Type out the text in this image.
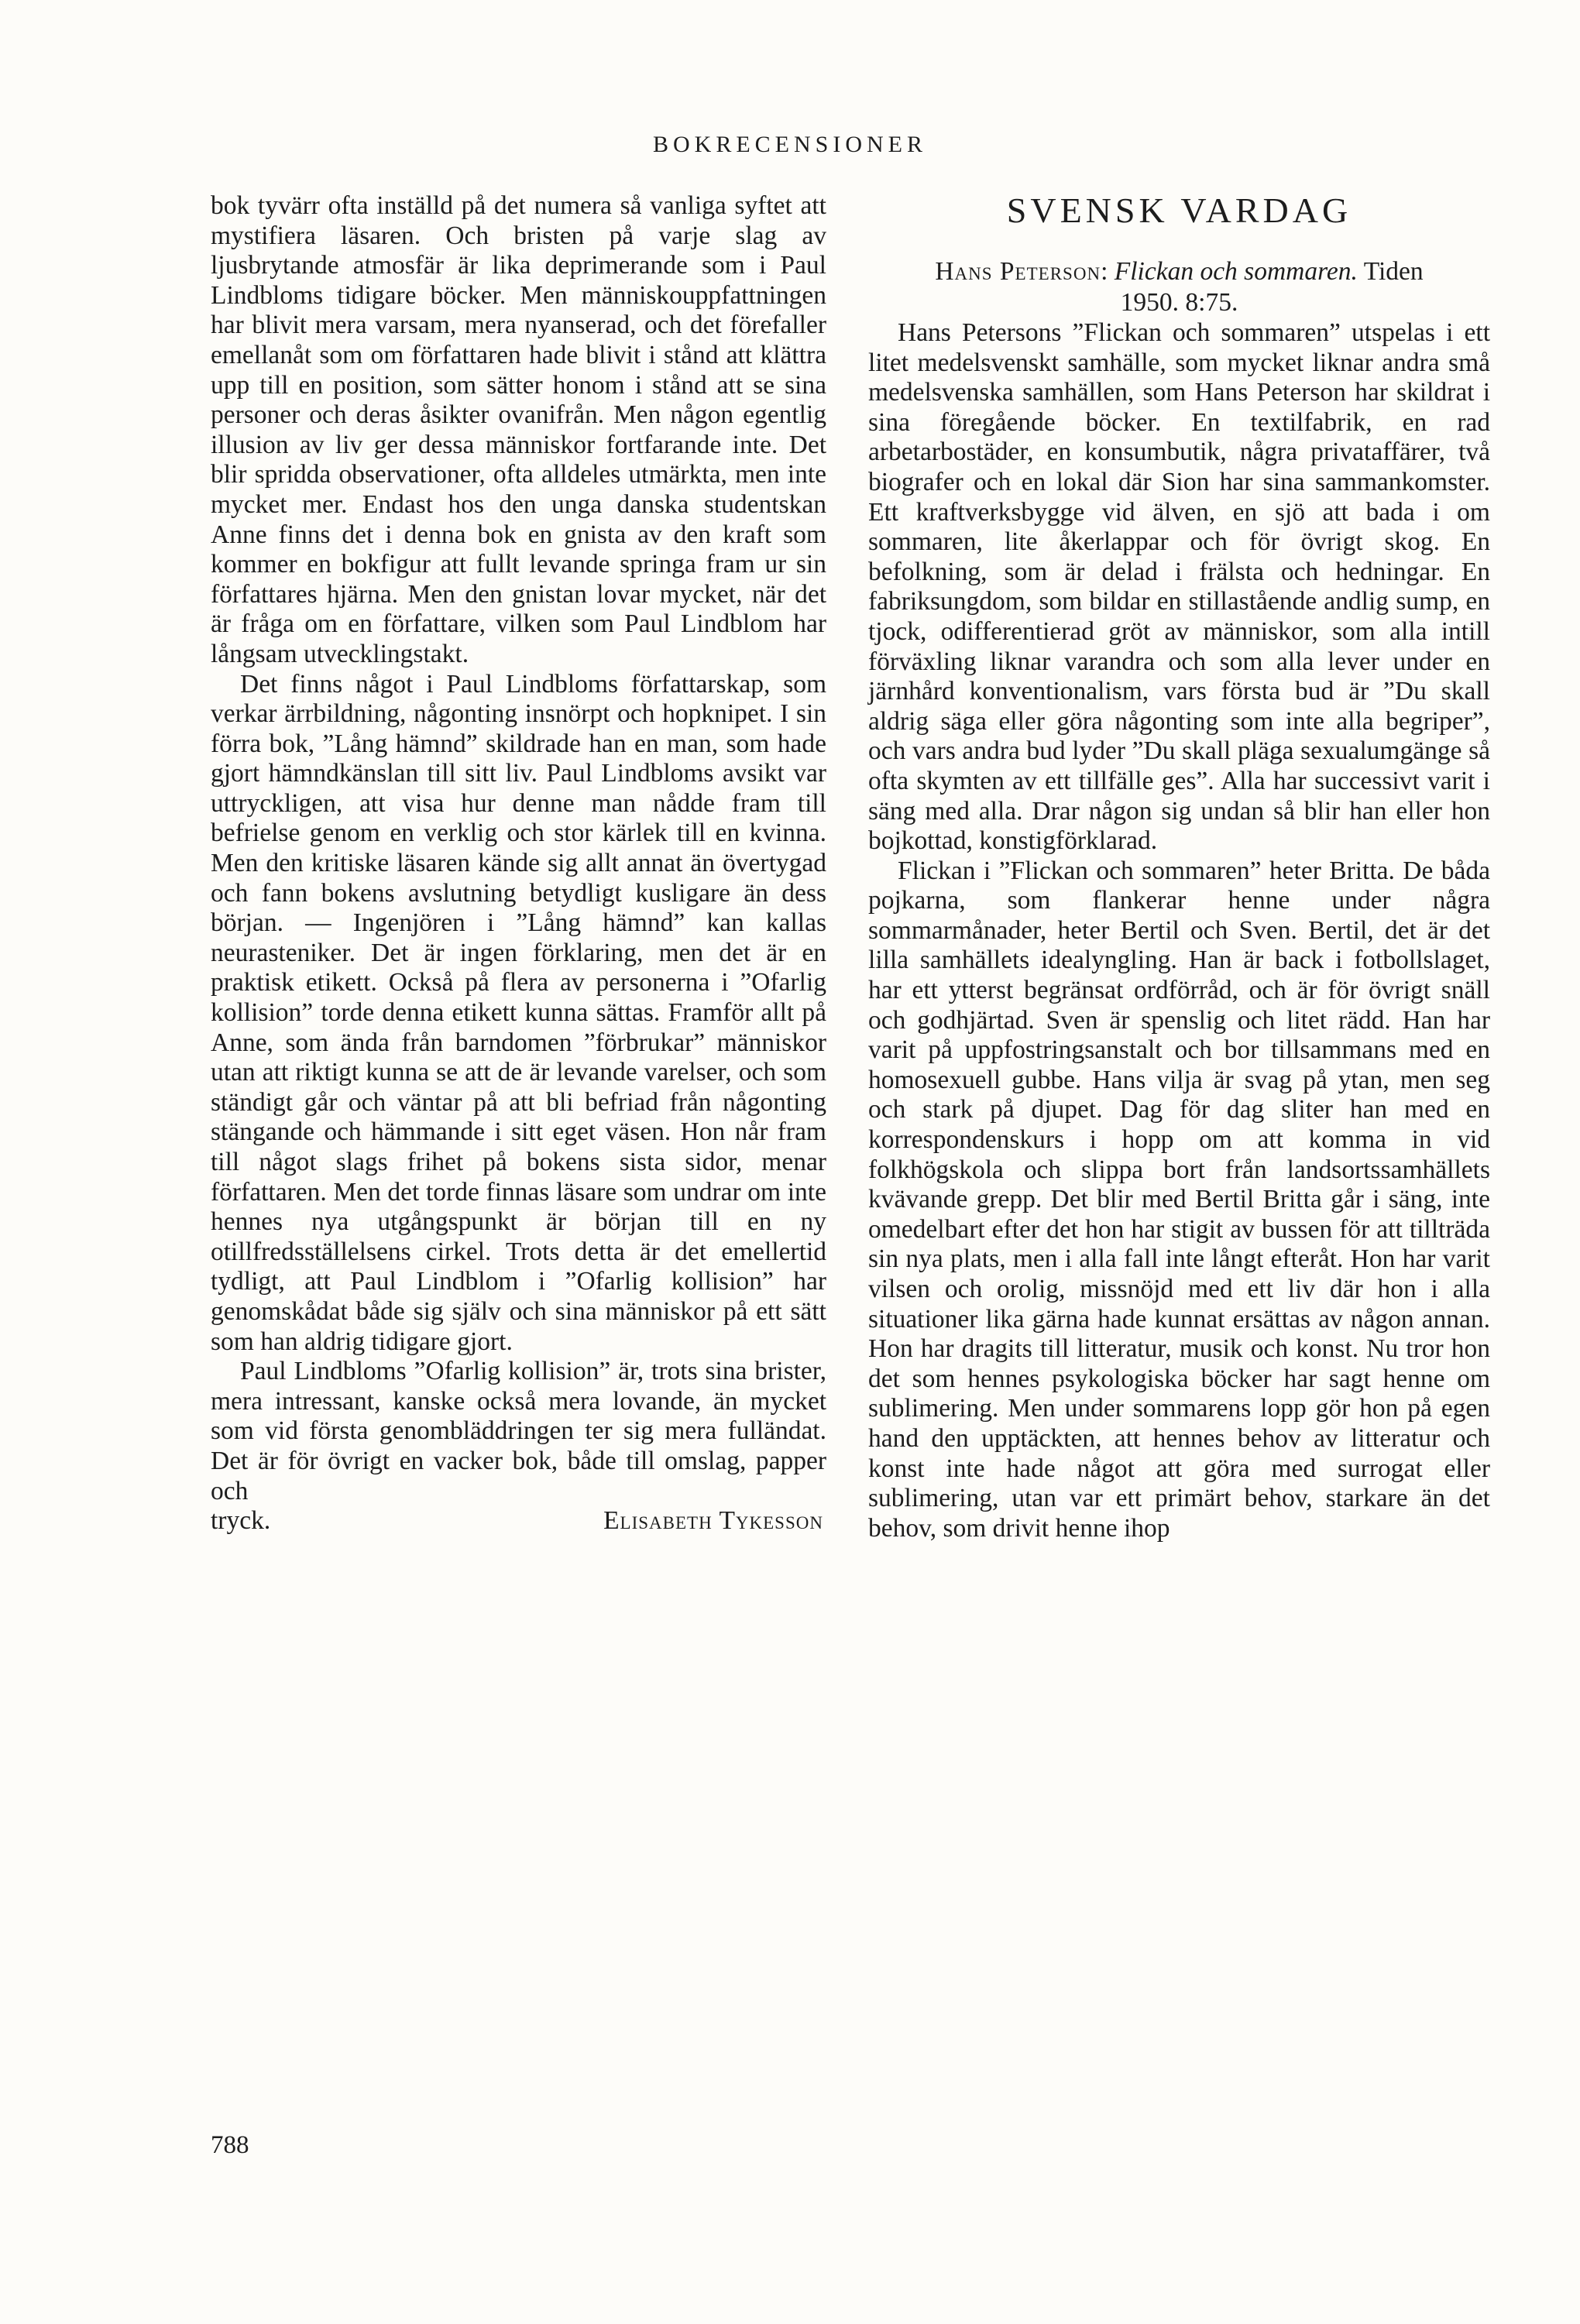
BOKRECENSIONER

bok tyvärr ofta inställd på det numera så vanliga syftet att mystifiera läsaren. Och bristen på varje slag av ljusbrytande atmosfär är lika deprimerande som i Paul Lindbloms tidigare böcker. Men människouppfattningen har blivit mera varsam, mera nyanserad, och det förefaller emellanåt som om författaren hade blivit i stånd att klättra upp till en position, som sätter honom i stånd att se sina personer och deras åsikter ovanifrån. Men någon egentlig illusion av liv ger dessa människor fortfarande inte. Det blir spridda observationer, ofta alldeles utmärkta, men inte mycket mer. Endast hos den unga danska studentskan Anne finns det i denna bok en gnista av den kraft som kommer en bokfigur att fullt levande springa fram ur sin författares hjärna. Men den gnistan lovar mycket, när det är fråga om en författare, vilken som Paul Lindblom har långsam utvecklingstakt.

Det finns något i Paul Lindbloms författarskap, som verkar ärrbildning, någonting insnörpt och hopknipet. I sin förra bok, ”Lång hämnd” skildrade han en man, som hade gjort hämndkänslan till sitt liv. Paul Lindbloms avsikt var uttryckligen, att visa hur denne man nådde fram till befrielse genom en verklig och stor kärlek till en kvinna. Men den kritiske läsaren kände sig allt annat än övertygad och fann bokens avslutning betydligt kusligare än dess början. — Ingenjören i ”Lång hämnd” kan kallas neurasteniker. Det är ingen förklaring, men det är en praktisk etikett. Också på flera av personerna i ”Ofarlig kollision” torde denna etikett kunna sättas. Framför allt på Anne, som ända från barndomen ”förbrukar” människor utan att riktigt kunna se att de är levande varelser, och som ständigt går och väntar på att bli befriad från någonting stängande och hämmande i sitt eget väsen. Hon når fram till något slags frihet på bokens sista sidor, menar författaren. Men det torde finnas läsare som undrar om inte hennes nya utgångspunkt är början till en ny otillfredsställelsens cirkel. Trots detta är det emellertid tydligt, att Paul Lindblom i ”Ofarlig kollision” har genomskådat både sig själv och sina människor på ett sätt som han aldrig tidigare gjort.

Paul Lindbloms ”Ofarlig kollision” är, trots sina brister, mera intressant, kanske också mera lovande, än mycket som vid första genombläddringen ter sig mera fulländat. Det är för övrigt en vacker bok, både till omslag, papper och

tryck.	Elisabeth Tykesson

SVENSK VARDAG

Hans Peterson: Flickan och sommaren. Tiden
1950. 8:75.

Hans Petersons ”Flickan och sommaren” utspelas i ett litet medelsvenskt samhälle, som mycket liknar andra små medelsvenska samhällen, som Hans Peterson har skildrat i sina föregående böcker. En textilfabrik, en rad arbetarbostäder, en konsumbutik, några privataffärer, två biografer och en lokal där Sion har sina sammankomster. Ett kraftverksbygge vid älven, en sjö att bada i om sommaren, lite åkerlappar och för övrigt skog. En befolkning, som är delad i frälsta och hedningar. En fabriksungdom, som bildar en stillastående andlig sump, en tjock, odifferentierad gröt av människor, som alla intill förväxling liknar varandra och som alla lever under en järnhård konventionalism, vars första bud är ”Du skall aldrig säga eller göra någonting som inte alla begriper”, och vars andra bud lyder ”Du skall pläga sexualumgänge så ofta skymten av ett tillfälle ges”. Alla har successivt varit i säng med alla. Drar någon sig undan så blir han eller hon bojkottad, konstigförklarad.

Flickan i ”Flickan och sommaren” heter Britta. De båda pojkarna, som flankerar henne under några sommarmånader, heter Bertil och Sven. Bertil, det är det lilla samhällets idealyngling. Han är back i fotbollslaget, har ett ytterst begränsat ordförråd, och är för övrigt snäll och godhjärtad. Sven är spenslig och litet rädd. Han har varit på uppfostringsanstalt och bor tillsammans med en homosexuell gubbe. Hans vilja är svag på ytan, men seg och stark på djupet. Dag för dag sliter han med en korrespondenskurs i hopp om att komma in vid folkhögskola och slippa bort från landsortssamhällets kvävande grepp. Det blir med Bertil Britta går i säng, inte omedelbart efter det hon har stigit av bussen för att tillträda sin nya plats, men i alla fall inte långt efteråt. Hon har varit vilsen och orolig, missnöjd med ett liv där hon i alla situationer lika gärna hade kunnat ersättas av någon annan. Hon har dragits till litteratur, musik och konst. Nu tror hon det som hennes psykologiska böcker har sagt henne om sublimering. Men under sommarens lopp gör hon på egen hand den upptäckten, att hennes behov av litteratur och konst inte hade något att göra med surrogat eller sublimering, utan var ett primärt behov, starkare än det behov, som drivit henne ihop

788
